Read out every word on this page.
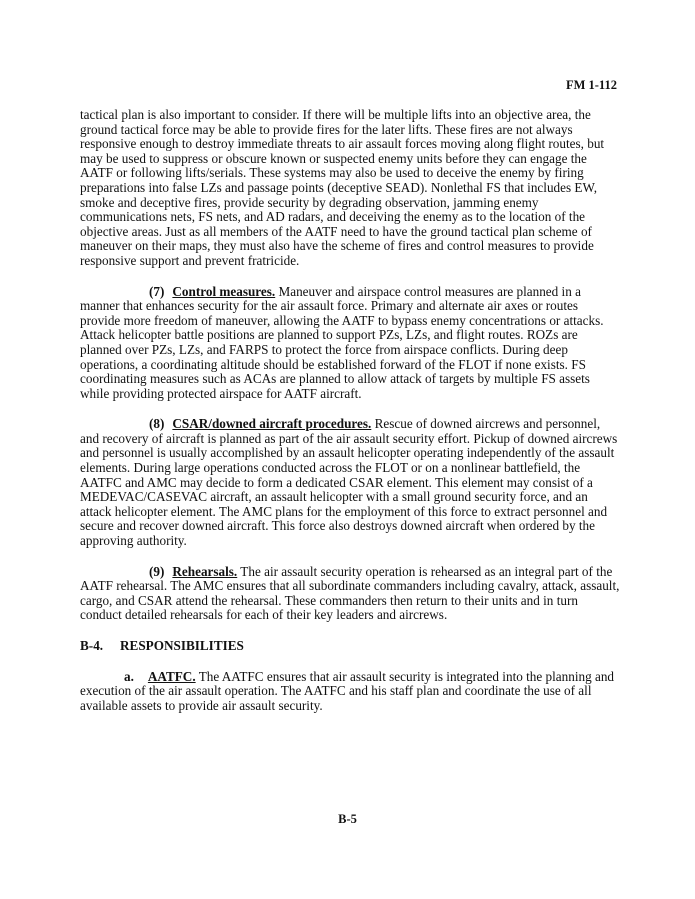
FM 1-112

tactical plan is also important to consider. If there will be multiple lifts into an objective area, the ground tactical force may be able to provide fires for the later lifts. These fires are not always responsive enough to destroy immediate threats to air assault forces moving along flight routes, but may be used to suppress or obscure known or suspected enemy units before they can engage the AATF or following lifts/serials. These systems may also be used to deceive the enemy by firing preparations into false LZs and passage points (deceptive SEAD). Nonlethal FS that includes EW, smoke and deceptive fires, provide security by degrading observation, jamming enemy communications nets, FS nets, and AD radars, and deceiving the enemy as to the location of the objective areas. Just as all members of the AATF need to have the ground tactical plan scheme of maneuver on their maps, they must also have the scheme of fires and control measures to provide responsive support and prevent fratricide.

(7) Control measures. Maneuver and airspace control measures are planned in a manner that enhances security for the air assault force. Primary and alternate air axes or routes provide more freedom of maneuver, allowing the AATF to bypass enemy concentrations or attacks. Attack helicopter battle positions are planned to support PZs, LZs, and flight routes. ROZs are planned over PZs, LZs, and FARPS to protect the force from airspace conflicts. During deep operations, a coordinating altitude should be established forward of the FLOT if none exists. FS coordinating measures such as ACAs are planned to allow attack of targets by multiple FS assets while providing protected airspace for AATF aircraft.

(8) CSAR/downed aircraft procedures. Rescue of downed aircrews and personnel, and recovery of aircraft is planned as part of the air assault security effort. Pickup of downed aircrews and personnel is usually accomplished by an assault helicopter operating independently of the assault elements. During large operations conducted across the FLOT or on a nonlinear battlefield, the AATFC and AMC may decide to form a dedicated CSAR element. This element may consist of a MEDEVAC/CASEVAC aircraft, an assault helicopter with a small ground security force, and an attack helicopter element. The AMC plans for the employment of this force to extract personnel and secure and recover downed aircraft. This force also destroys downed aircraft when ordered by the approving authority.

(9) Rehearsals. The air assault security operation is rehearsed as an integral part of the AATF rehearsal. The AMC ensures that all subordinate commanders including cavalry, attack, assault, cargo, and CSAR attend the rehearsal. These commanders then return to their units and in turn conduct detailed rehearsals for each of their key leaders and aircrews.

B-4. RESPONSIBILITIES

a. AATFC. The AATFC ensures that air assault security is integrated into the planning and execution of the air assault operation. The AATFC and his staff plan and coordinate the use of all available assets to provide air assault security.

B-5
